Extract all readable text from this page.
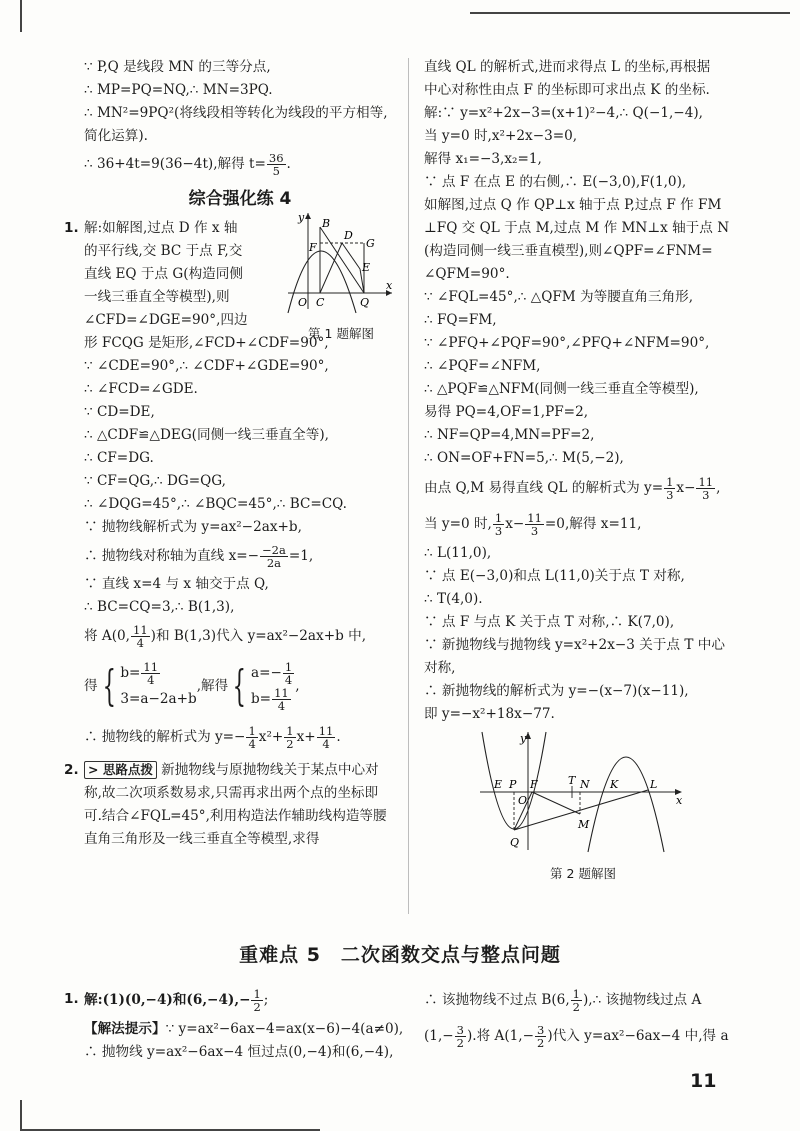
∵ P,Q 是线段 MN 的三等分点,
∴ MP=PQ=NQ,∴ MN=3PQ.
∴ MN²=9PQ²(将线段相等转化为线段的平方相等,简化运算).
∴ 36+4t=9(36−4t),解得 $t= \frac{36}{5}$ .
综合强化练 4
1. 解:如解图,过点 D 作 x 轴
的平行线,交 BC 于点 F,交
直线 EQ 于点 G(构造同侧
一线三垂直全等模型),则
∠CFD=∠DGE=90°,四边
y
x
O C	Q
B
D
F	G
E
第 1 题解图
形 FCQG 是矩形,∠FCD+∠CDF=90°,
∵ ∠CDE=90°,∴ ∠CDF+∠GDE=90°,
∴ ∠FCD=∠GDE.
∵ CD=DE,
∴ △CDF≌△DEG(同侧一线三垂直全等),
∴ CF=DG.
∵ CF=QG,∴ DG=QG,
∴ ∠DQG=45°,∴ ∠BQC=45°,∴ BC=CQ.
∵ 抛物线解析式为 y=ax²−2ax+b,
∴ 抛物线对称轴为直线 $x=- \frac{-2a}{2a} =1$,
∵ 直线 x=4 与 x 轴交于点 Q,
∴ BC=CQ=3,∴ B(1,3),
将 A(0, $\frac{11}{4}$ )和 B(1,3)代入 y=ax²−2ax+b 中,
得 { $b= \frac{11}{4}$
3=a−2a+b
,解得 { $a=- \frac{1}{4}$
$b= \frac{11}{4}$
,
∴ 抛物线的解析式为 $y=- \frac{1}{4} x^2+ \frac{1}{2} x+ \frac{11}{4}$ .
2. > 思路点拨 新抛物线与原抛物线关于某点中心对称,故二次项系数易求,只需再求出两个点的坐标即可.结合∠FQL=45°,利用构造法作辅助线构造等腰直角三角形及一线三垂直全等模型,求得
直线 QL 的解析式,进而求得点 L 的坐标,再根据
中心对称性由点 F 的坐标即可求出点 K 的坐标.
解:∵ y=x²+2x−3=(x+1)²−4,∴ Q(−1,−4),
当 y=0 时,x²+2x−3=0,
解得 x₁=−3,x₂=1,
∵ 点 F 在点 E 的右侧,∴ E(−3,0),F(1,0),
如解图,过点 Q 作 QP⊥x 轴于点 P,过点 F 作 FM
⊥FQ 交 QL 于点 M,过点 M 作 MN⊥x 轴于点 N
(构造同侧一线三垂直模型),则∠QPF=∠FNM=
∠QFM=90°.
∵ ∠FQL=45°,∴ △QFM 为等腰直角三角形,
∴ FQ=FM,
∵ ∠PFQ+∠PQF=90°,∠PFQ+∠NFM=90°,
∴ ∠PQF=∠NFM,
∴ △PQF≌△NFM(同侧一线三垂直全等模型),
易得 PQ=4,OF=1,PF=2,
∴ NF=QP=4,MN=PF=2,
∴ ON=OF+FN=5,∴ M(5,−2),
由点 Q,M 易得直线 QL 的解析式为 $y= \frac{1}{3} x- \frac{11}{3}$ ,
当 y=0 时, $\frac{1}{3} x- \frac{11}{3} =0$,解得 x=11,
∴ L(11,0),
∵ 点 E(−3,0)和点 L(11,0)关于点 T 对称,
∴ T(4,0).
∵ 点 F 与点 K 关于点 T 对称,∴ K(7,0),
∵ 新抛物线与抛物线 y=x²+2x−3 关于点 T 中心
对称,
∴ 新抛物线的解析式为 y=−(x−7)(x−11),
即 y=−x²+18x−77.
y
x
E P F
O
T N K	L
M
Q
第 2 题解图
重难点 5　二次函数交点与整点问题
1. 解:(1)(0,−4)和$(6,-4),- \frac{1}{2}$ ;
【解法提示】∵ y=ax²−6ax−4=ax(x−6)−4(a≠0),
∴ 抛物线 y=ax²−6ax−4 恒过点(0,−4)和(6,−4),
∴ 该抛物线不过点 B(6, $\frac{1}{2}$ ),∴ 该抛物线过点 A
($1,- \frac{3}{2}$ ).将 $A(1,- \frac{3}{2}$ )代入 y=ax²−6ax−4 中,得 a
11
